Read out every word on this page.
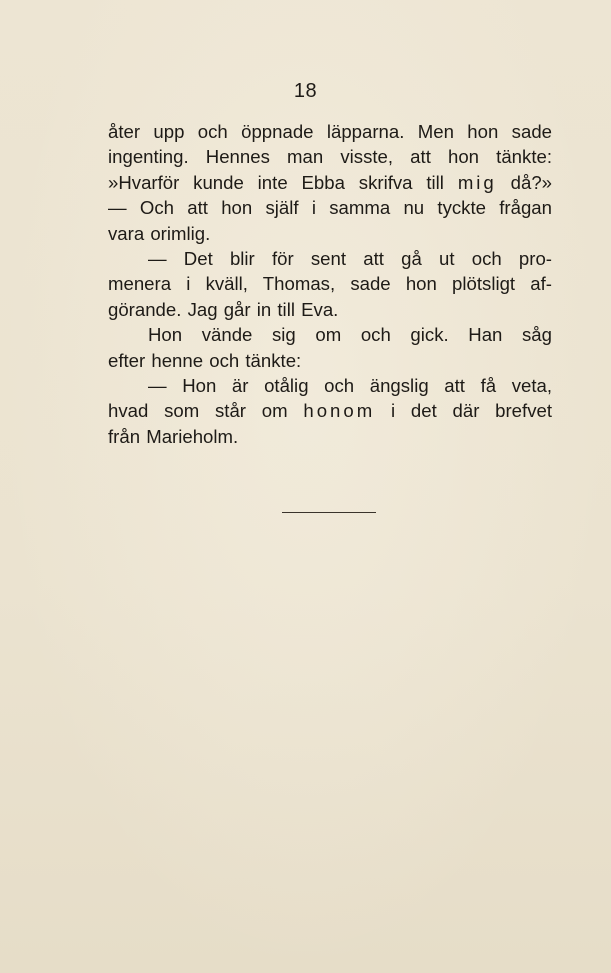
18
åter upp och öppnade läpparna. Men hon sade
ingenting. Hennes man visste, att hon tänkte:
»Hvarför kunde inte Ebba skrifva till mig då?»
— Och att hon själf i samma nu tyckte frågan
vara orimlig.
— Det blir för sent att gå ut och pro-
menera i kväll, Thomas, sade hon plötsligt af-
görande. Jag går in till Eva.
Hon vände sig om och gick. Han såg
efter henne och tänkte:
— Hon är otålig och ängslig att få veta,
hvad som står om honom i det där brefvet
från Marieholm.
